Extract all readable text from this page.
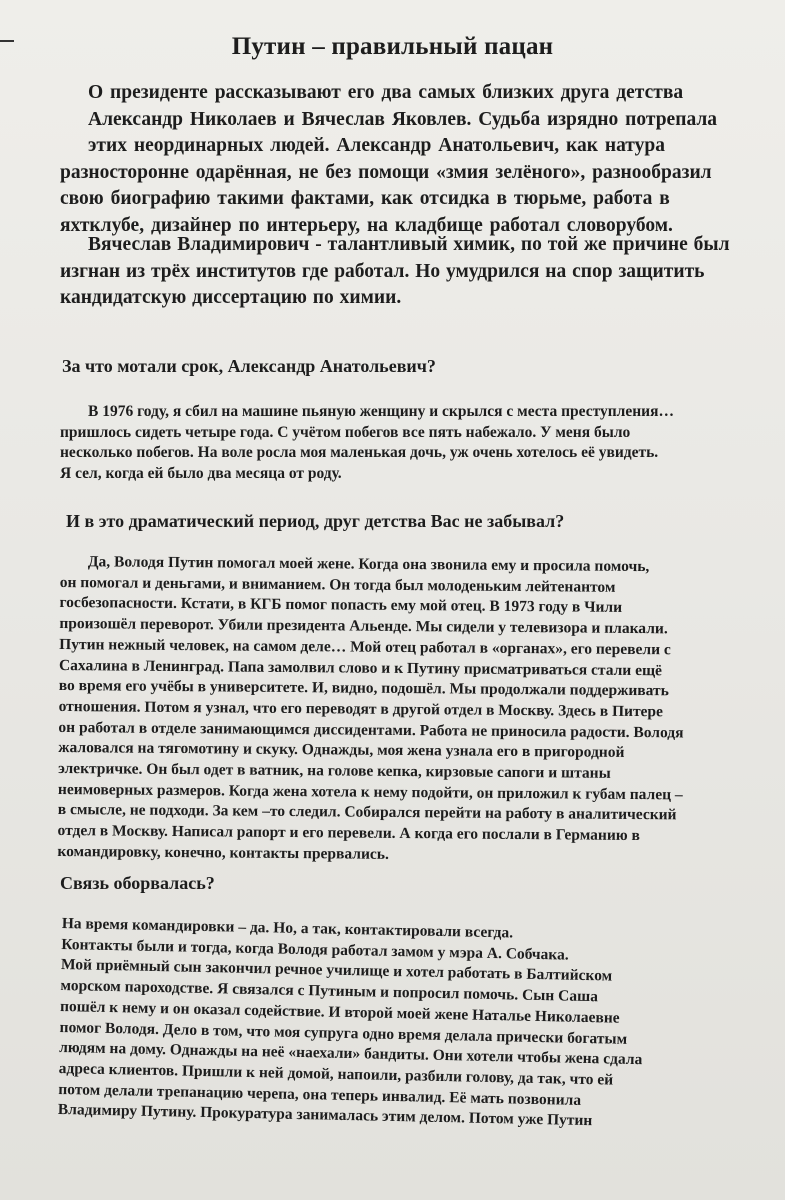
Путин – правильный пацан
О президенте рассказывают его два самых близких друга детства
Александр Николаев и Вячеслав Яковлев. Судьба изрядно потрепала
этих неординарных людей. Александр Анатольевич, как натура
разносторонне одарённая, не без помощи «змия зелёного», разнообразил
свою биографию такими фактами, как отсидка в тюрьме, работа в
яхтклубе, дизайнер по интерьеру, на кладбище работал словорубом.
Вячеслав Владимирович - талантливый химик, по той же причине был
изгнан из трёх институтов где работал. Но умудрился на спор защитить
кандидатскую диссертацию по химии.
За что мотали срок, Александр Анатольевич?
В 1976 году, я сбил на машине пьяную женщину и скрылся с места преступления…
пришлось сидеть четыре года. С учётом побегов все пять набежало. У меня было
несколько побегов. На воле росла моя маленькая дочь, уж очень хотелось её увидеть.
Я сел, когда ей было два месяца от роду.
И в это драматический период, друг детства Вас не забывал?
Да, Володя Путин помогал моей жене. Когда она звонила ему и просила помочь,
он помогал и деньгами, и вниманием. Он тогда был молоденьким лейтенантом
госбезопасности. Кстати, в КГБ помог попасть ему мой отец. В 1973 году в Чили
произошёл переворот. Убили президента Альенде. Мы сидели у телевизора и плакали.
Путин нежный человек, на самом деле… Мой отец работал в «органах», его перевели с
Сахалина в Ленинград. Папа замолвил слово и к Путину присматриваться стали ещё
во время его учёбы в университете. И, видно, подошёл. Мы продолжали поддерживать
отношения. Потом я узнал, что его переводят в другой отдел в Москву. Здесь в Питере
он работал в отделе занимающимся диссидентами. Работа не приносила радости. Володя
жаловался на тягомотину и скуку. Однажды, моя жена узнала его в пригородной
электричке. Он был одет в ватник, на голове кепка, кирзовые сапоги и штаны
неимоверных размеров. Когда жена хотела к нему подойти, он приложил к губам палец –
в смысле, не подходи. За кем –то следил. Собирался перейти на работу в аналитический
отдел в Москву. Написал рапорт и его перевели. А когда его послали в Германию в
командировку, конечно, контакты прервались.
Связь оборвалась?
На время командировки – да. Но, а так, контактировали всегда.
Контакты были и тогда, когда Володя работал замом у мэра А. Собчака.
Мой приёмный сын закончил речное училище и хотел работать в Балтийском
морском пароходстве. Я связался с Путиным и попросил помочь. Сын Саша
пошёл к нему и он оказал содействие. И второй моей жене Наталье Николаевне
помог Володя. Дело в том, что моя супруга одно время делала прически богатым
людям на дому. Однажды на неё «наехали» бандиты. Они хотели чтобы жена сдала
адреса клиентов. Пришли к ней домой, напоили, разбили голову, да так, что ей
потом делали трепанацию черепа, она теперь инвалид. Её мать позвонила
Владимиру Путину. Прокуратура занималась этим делом. Потом уже Путин
